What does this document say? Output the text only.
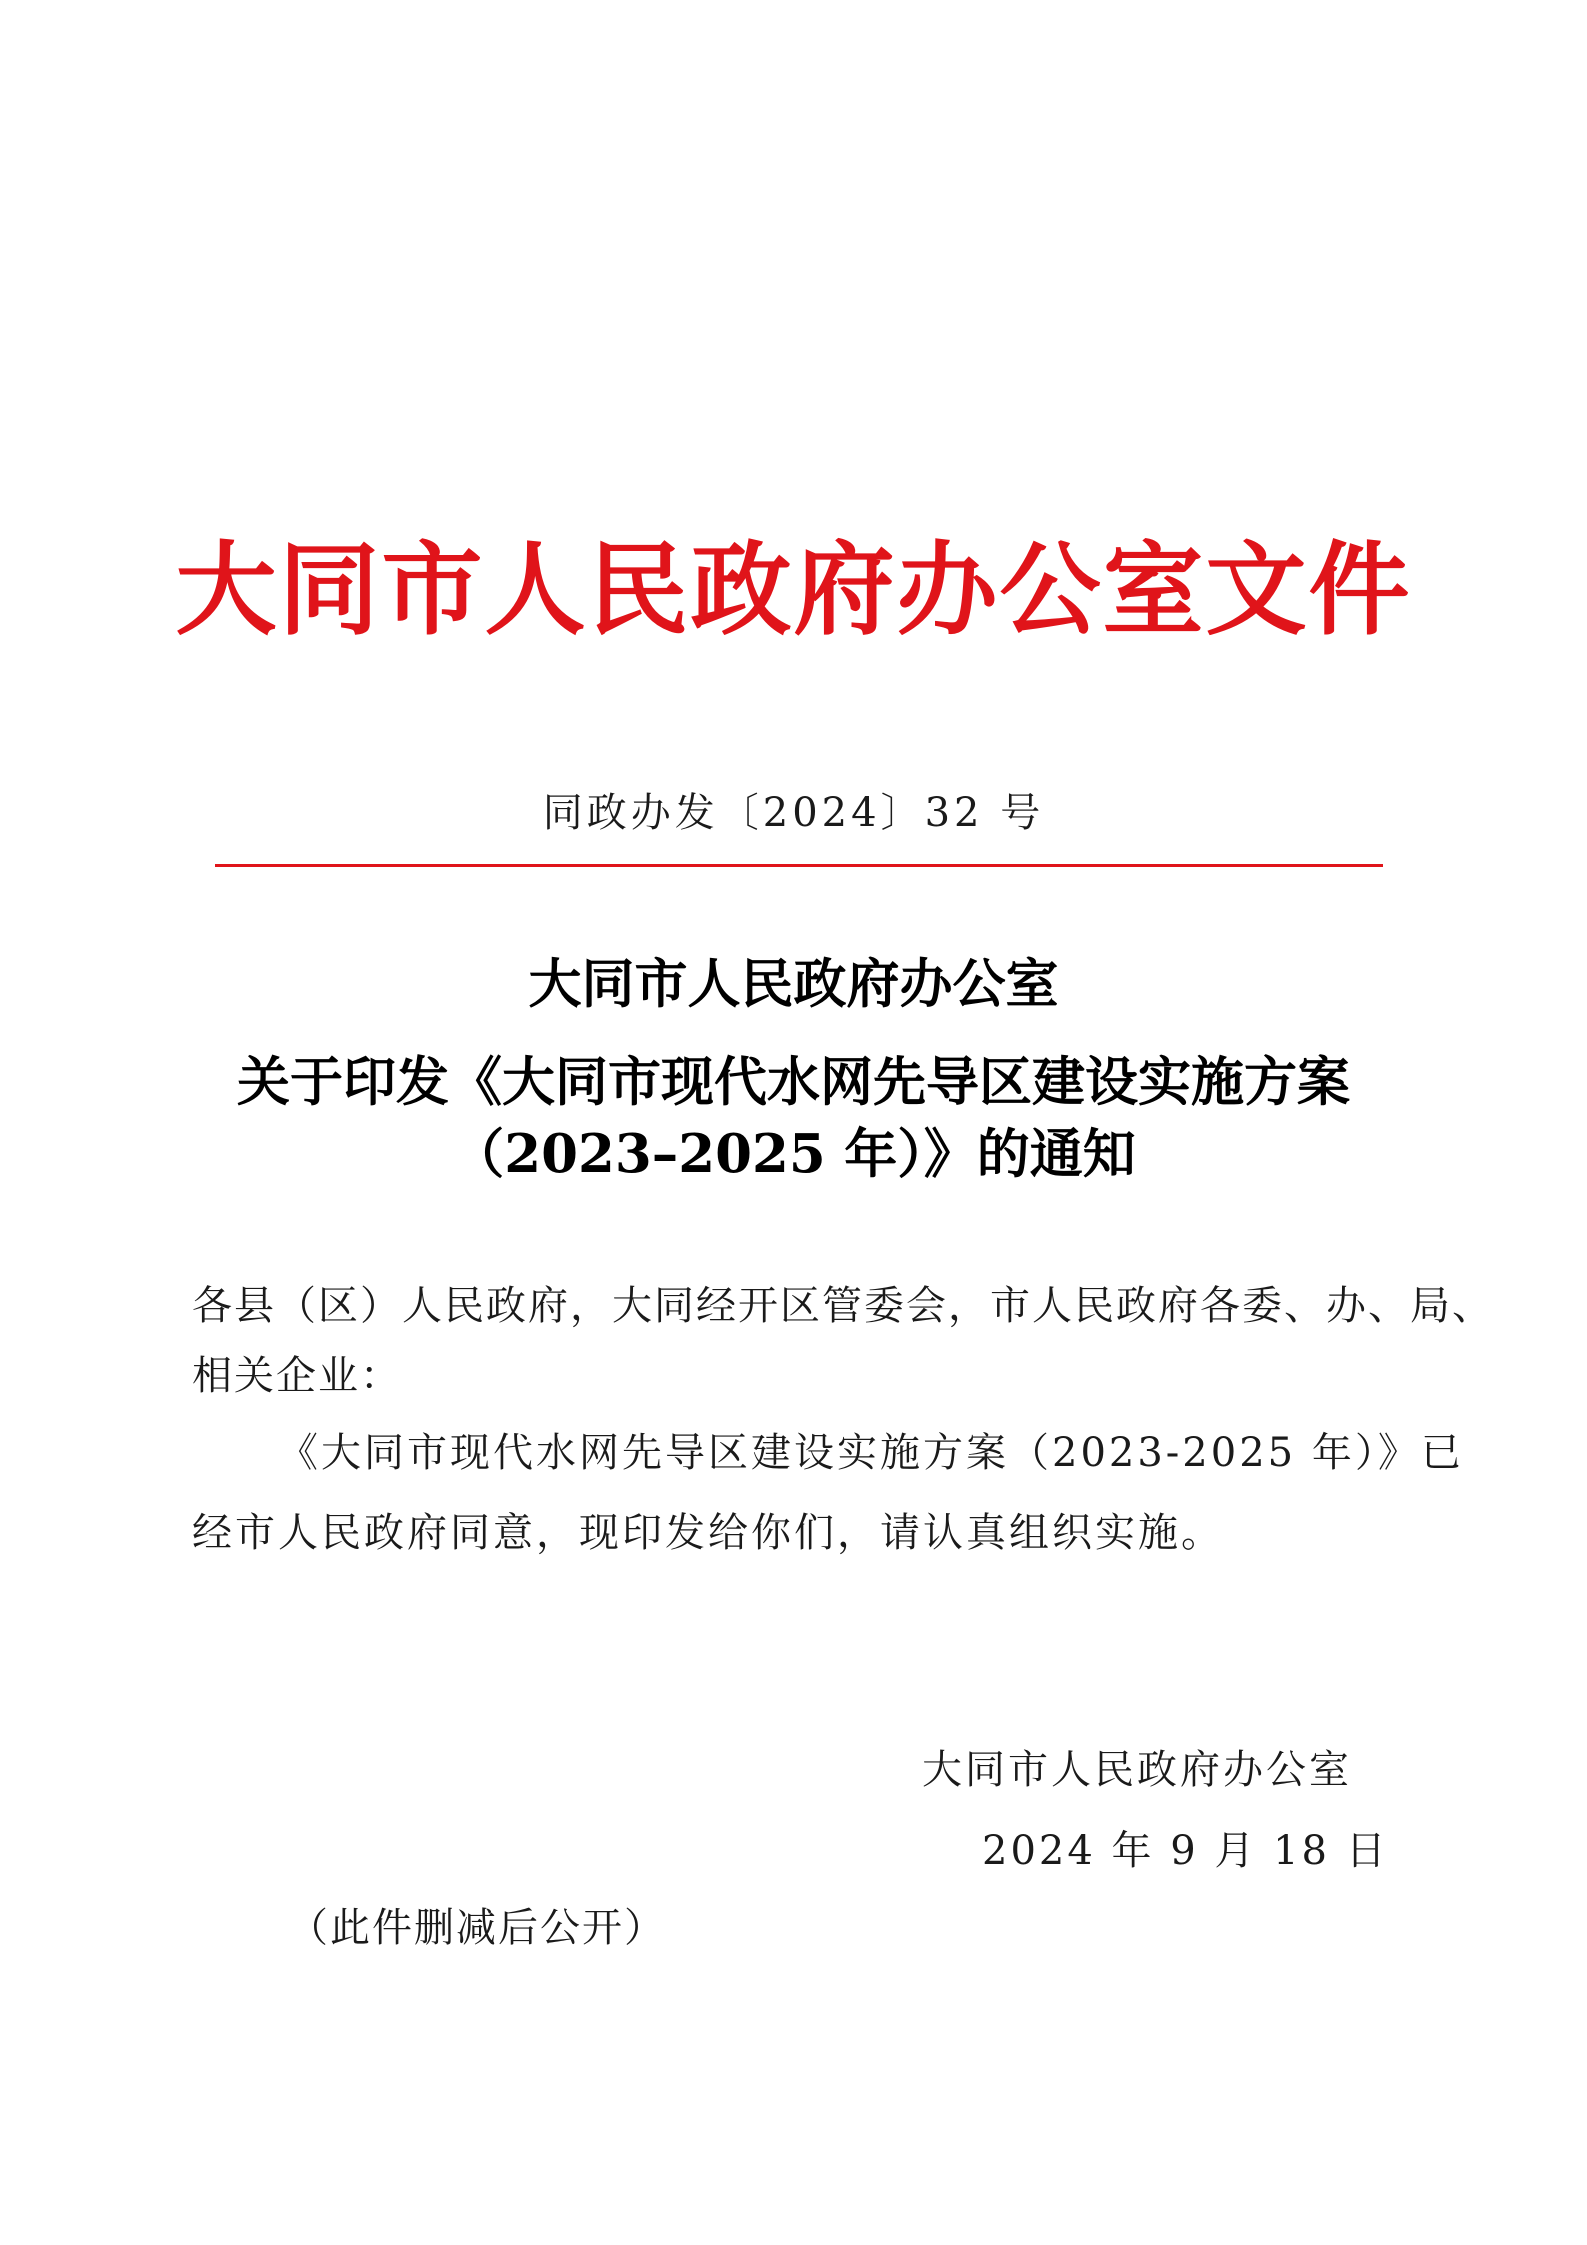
大同市人民政府办公室文件
同政办发〔2024〕32 号
大同市人民政府办公室
关于印发《大同市现代水网先导区建设实施方案
（2023–2025 年）》的通知
各县（区）人民政府，大同经开区管委会，市人民政府各委、办、局、
相关企业：
《大同市现代水网先导区建设实施方案（2023-2025 年）》已
经市人民政府同意，现印发给你们，请认真组织实施。
大同市人民政府办公室
2024 年 9 月 18 日
（此件删减后公开）
